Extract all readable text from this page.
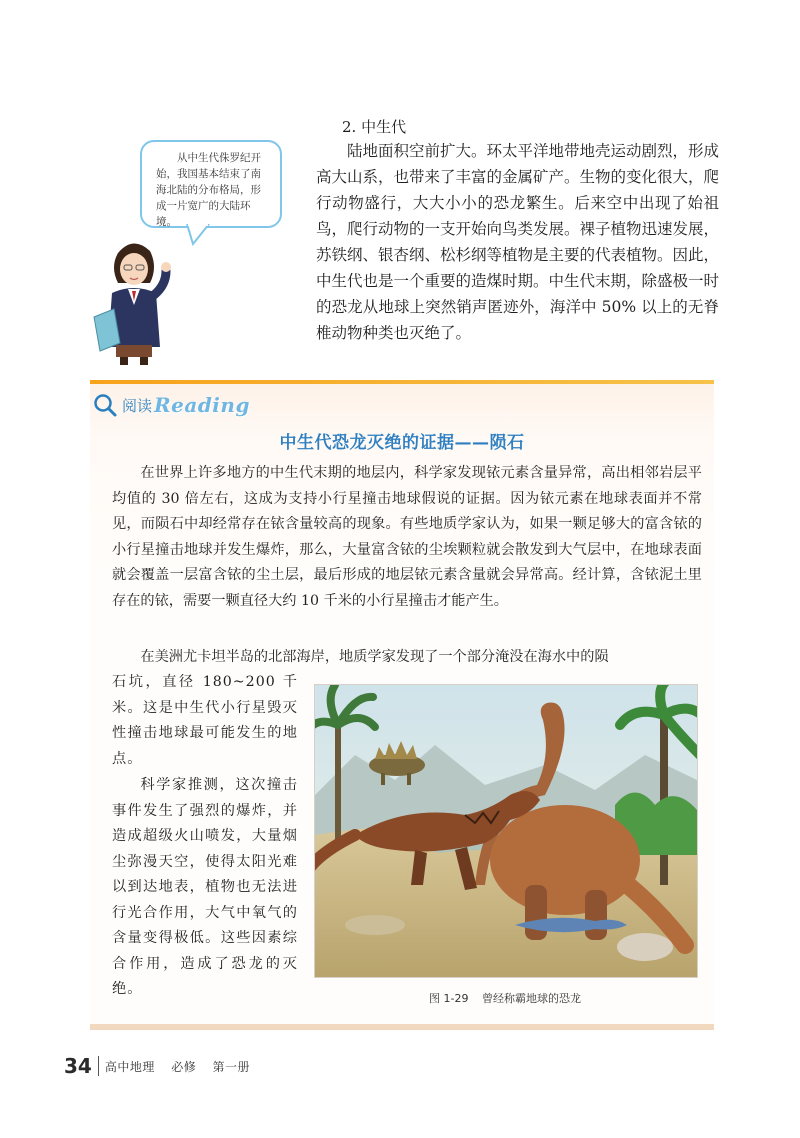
2. 中生代

陆地面积空前扩大。环太平洋地带地壳运动剧烈，形成高大山系，也带来了丰富的金属矿产。生物的变化很大，爬行动物盛行，大大小小的恐龙繁生。后来空中出现了始祖鸟，爬行动物的一支开始向鸟类发展。裸子植物迅速发展，苏铁纲、银杏纲、松杉纲等植物是主要的代表植物。因此，中生代也是一个重要的造煤时期。中生代末期，除盛极一时的恐龙从地球上突然销声匿迹外，海洋中 50% 以上的无脊椎动物种类也灭绝了。

从中生代侏罗纪开始，我国基本结束了南海北陆的分布格局，形成一片宽广的大陆环境。
阅读 Reading
中生代恐龙灭绝的证据——陨石

在世界上许多地方的中生代末期的地层内，科学家发现铱元素含量异常，高出相邻岩层平均值的 30 倍左右，这成为支持小行星撞击地球假说的证据。因为铱元素在地球表面并不常见，而陨石中却经常存在铱含量较高的现象。有些地质学家认为，如果一颗足够大的富含铱的小行星撞击地球并发生爆炸，那么，大量富含铱的尘埃颗粒就会散发到大气层中，在地球表面就会覆盖一层富含铱的尘土层，最后形成的地层铱元素含量就会异常高。经计算，含铱泥土里存在的铱，需要一颗直径大约 10 千米的小行星撞击才能产生。

在美洲尤卡坦半岛的北部海岸，地质学家发现了一个部分淹没在海水中的陨

石坑，直径 180~200 千米。这是中生代小行星毁灭性撞击地球最可能发生的地点。

科学家推测，这次撞击事件发生了强烈的爆炸，并造成超级火山喷发，大量烟尘弥漫天空，使得太阳光难以到达地表，植物也无法进行光合作用，大气中氧气的含量变得极低。这些因素综合作用，造成了恐龙的灭绝。

图 1-29 曾经称霸地球的恐龙
34 高中地理 必修 第一册
